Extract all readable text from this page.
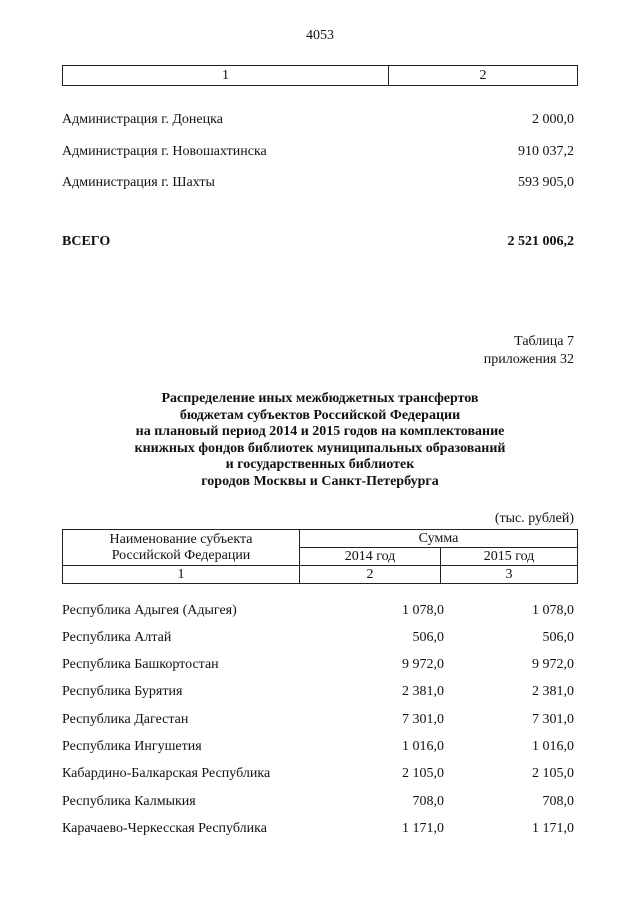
4053
1	2
Администрация г. Донецка	2 000,0
Администрация г. Новошахтинска	910 037,2
Администрация г. Шахты	593 905,0
ВСЕГО	2 521 006,2
Таблица 7
приложения 32
Распределение иных межбюджетных трансфертов
бюджетам субъектов Российской Федерации
на плановый период 2014 и 2015 годов на комплектование
книжных фондов библиотек муниципальных образований
и государственных библиотек
городов Москвы и Санкт-Петербурга
(тыс. рублей)
Наименование субъекта
Российской Федерации	Сумма	
	2014 год	2015 год
1	2	3
Республика Адыгея (Адыгея)	1 078,0	1 078,0
Республика Алтай	506,0	506,0
Республика Башкортостан	9 972,0	9 972,0
Республика Бурятия	2 381,0	2 381,0
Республика Дагестан	7 301,0	7 301,0
Республика Ингушетия	1 016,0	1 016,0
Кабардино-Балкарская Республика	2 105,0	2 105,0
Республика Калмыкия	708,0	708,0
Карачаево-Черкесская Республика	1 171,0	1 171,0
